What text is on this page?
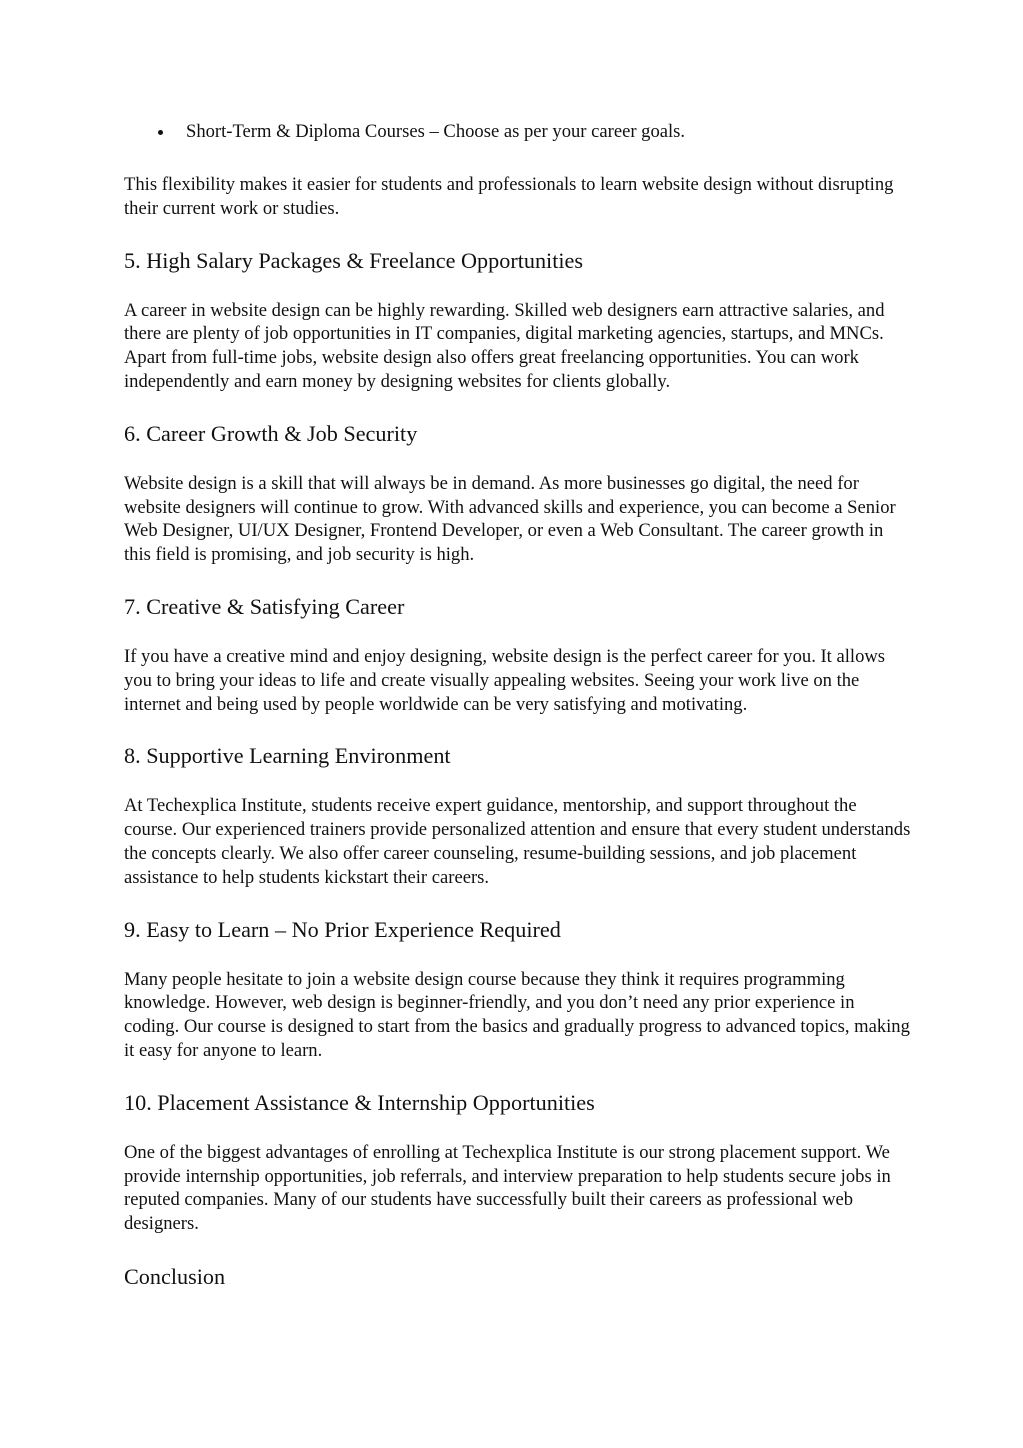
Short-Term & Diploma Courses – Choose as per your career goals.

This flexibility makes it easier for students and professionals to learn website design without disrupting their current work or studies.

5. High Salary Packages & Freelance Opportunities

A career in website design can be highly rewarding. Skilled web designers earn attractive salaries, and there are plenty of job opportunities in IT companies, digital marketing agencies, startups, and MNCs. Apart from full-time jobs, website design also offers great freelancing opportunities. You can work independently and earn money by designing websites for clients globally.

6. Career Growth & Job Security

Website design is a skill that will always be in demand. As more businesses go digital, the need for website designers will continue to grow. With advanced skills and experience, you can become a Senior Web Designer, UI/UX Designer, Frontend Developer, or even a Web Consultant. The career growth in this field is promising, and job security is high.

7. Creative & Satisfying Career

If you have a creative mind and enjoy designing, website design is the perfect career for you. It allows you to bring your ideas to life and create visually appealing websites. Seeing your work live on the internet and being used by people worldwide can be very satisfying and motivating.

8. Supportive Learning Environment

At Techexplica Institute, students receive expert guidance, mentorship, and support throughout the course. Our experienced trainers provide personalized attention and ensure that every student understands the concepts clearly. We also offer career counseling, resume-building sessions, and job placement assistance to help students kickstart their careers.

9. Easy to Learn – No Prior Experience Required

Many people hesitate to join a website design course because they think it requires programming knowledge. However, web design is beginner-friendly, and you don’t need any prior experience in coding. Our course is designed to start from the basics and gradually progress to advanced topics, making it easy for anyone to learn.

10. Placement Assistance & Internship Opportunities

One of the biggest advantages of enrolling at Techexplica Institute is our strong placement support. We provide internship opportunities, job referrals, and interview preparation to help students secure jobs in reputed companies. Many of our students have successfully built their careers as professional web designers.

Conclusion
